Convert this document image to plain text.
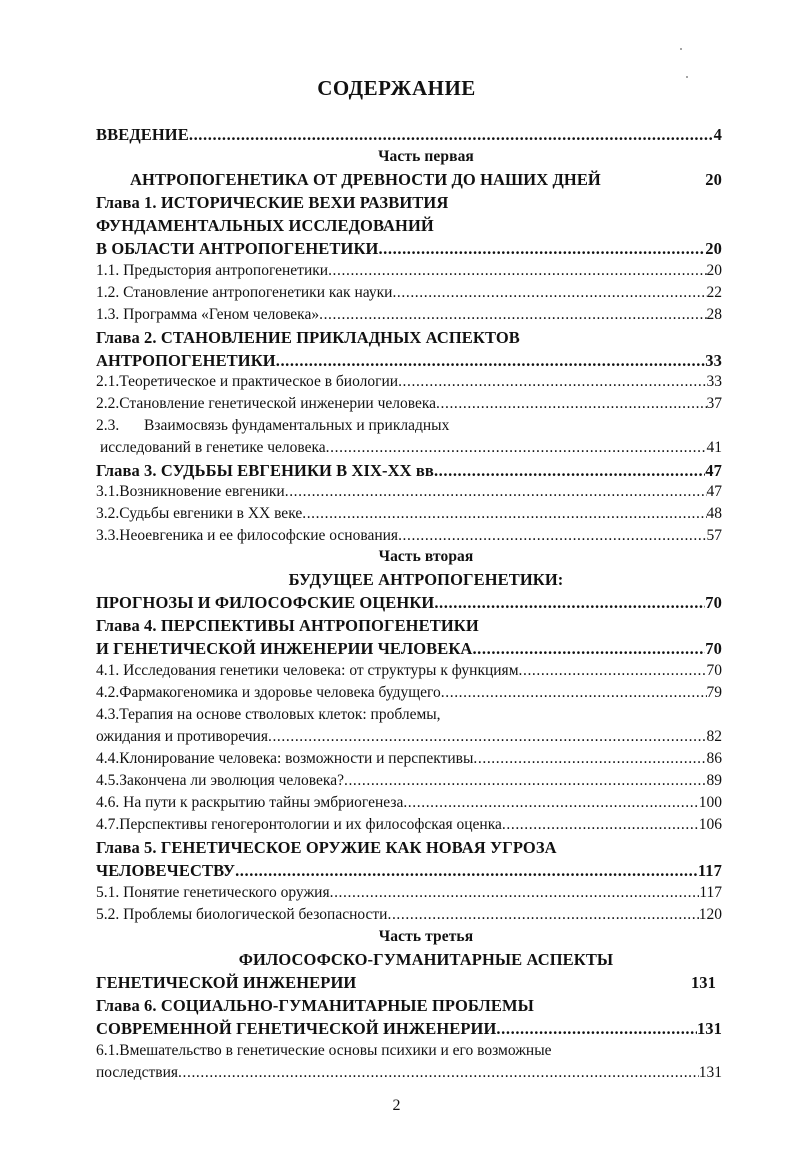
СОДЕРЖАНИЕ
ВВЕДЕНИЕ .....	4
Часть первая
АНТРОПОГЕНЕТИКА ОТ ДРЕВНОСТИ ДО НАШИХ ДНЕЙ	20
Глава 1. ИСТОРИЧЕСКИЕ ВЕХИ РАЗВИТИЯ
ФУНДАМЕНТАЛЬНЫХ ИССЛЕДОВАНИЙ
В ОБЛАСТИ АНТРОПОГЕНЕТИКИ .....	20
1.1. Предыстория антропогенетики .....	20
1.2. Становление антропогенетики как науки .....	22
1.3. Программа «Геном человека» .....	28
Глава 2. СТАНОВЛЕНИЕ ПРИКЛАДНЫХ АСПЕКТОВ
АНТРОПОГЕНЕТИКИ .....	33
2.1. Теоретическое и практическое в биологии .....	33
2.2. Становление генетической инженерии человека .....	37
2.3.	Взаимосвязь фундаментальных и прикладных
исследований в генетике человека .....	41
Глава 3. СУДЬБЫ ЕВГЕНИКИ В XIX-XX вв .....	47
3.1. Возникновение евгеники .....	47
3.2. Судьбы евгеники в XX веке .....	48
3.3. Неоевгеника и ее философские основания .....	57
Часть вторая
БУДУЩЕЕ АНТРОПОГЕНЕТИКИ:
ПРОГНОЗЫ И ФИЛОСОФСКИЕ ОЦЕНКИ .....	70
Глава 4. ПЕРСПЕКТИВЫ АНТРОПОГЕНЕТИКИ
И ГЕНЕТИЧЕСКОЙ ИНЖЕНЕРИИ ЧЕЛОВЕКА .....	70
4.1. Исследования генетики человека: от структуры к функциям .....	70
4.2.Фармакогеномика и здоровье человека будущего .....	79
4.3.Терапия на основе стволовых клеток: проблемы,
ожидания и противоречия .....	82
4.4.Клонирование человека: возможности и перспективы .....	86
4.5.Закончена ли эволюция человека? .....	89
4.6. На пути к раскрытию тайны эмбриогенеза .....	100
4.7.Перспективы геногеронтологии и их философская оценка .....	106
Глава 5. ГЕНЕТИЧЕСКОЕ ОРУЖИЕ КАК НОВАЯ УГРОЗА
ЧЕЛОВЕЧЕСТВУ .....	117
5.1. Понятие генетического оружия .....	117
5.2. Проблемы биологической безопасности .....	120
Часть третья
ФИЛОСОФСКО-ГУМАНИТАРНЫЕ АСПЕКТЫ
ГЕНЕТИЧЕСКОЙ ИНЖЕНЕРИИ	131
Глава 6. СОЦИАЛЬНО-ГУМАНИТАРНЫЕ ПРОБЛЕМЫ
СОВРЕМЕННОЙ ГЕНЕТИЧЕСКОЙ ИНЖЕНЕРИИ .....	131
6.1.Вмешательство в генетические основы психики и его возможные
последствия .....	131
2
